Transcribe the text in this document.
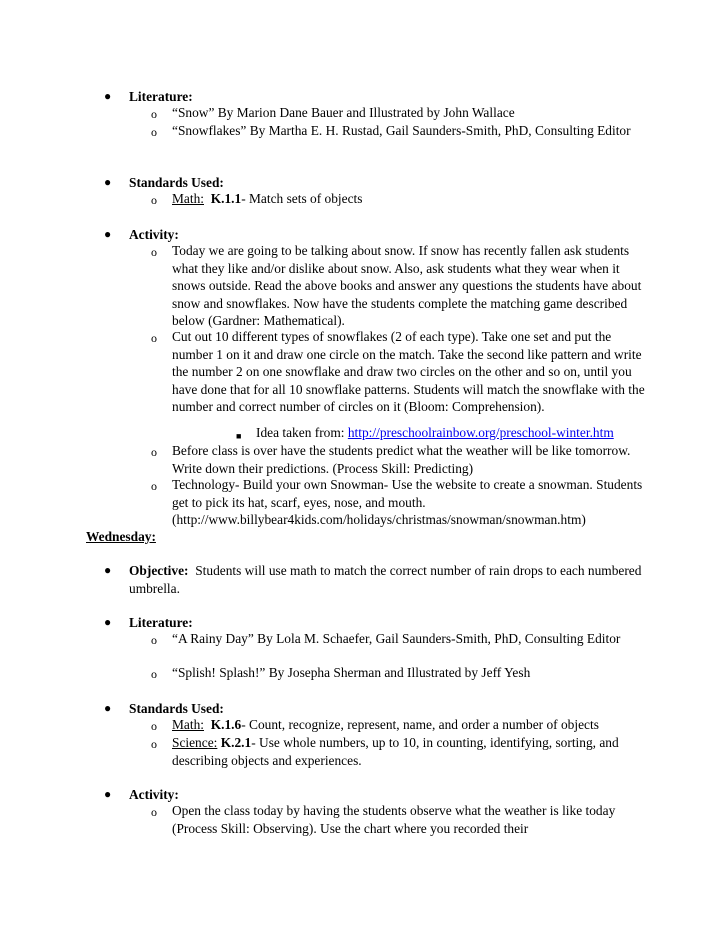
● Literature:
o “Snow” By Marion Dane Bauer and Illustrated by John Wallace
o “Snowflakes” By Martha E. H. Rustad, Gail Saunders-Smith, PhD, Consulting Editor
● Standards Used:
o Math: K.1.1- Match sets of objects
● Activity:
o Today we are going to be talking about snow. If snow has recently fallen ask students what they like and/or dislike about snow. Also, ask students what they wear when it snows outside. Read the above books and answer any questions the students have about snow and snowflakes. Now have the students complete the matching game described below (Gardner: Mathematical).
o Cut out 10 different types of snowflakes (2 of each type). Take one set and put the number 1 on it and draw one circle on the match. Take the second like pattern and write the number 2 on one snowflake and draw two circles on the other and so on, until you have done that for all 10 snowflake patterns. Students will match the snowflake with the number and correct number of circles on it (Bloom: Comprehension).
■ Idea taken from: http://preschoolrainbow.org/preschool-winter.htm
o Before class is over have the students predict what the weather will be like tomorrow. Write down their predictions. (Process Skill: Predicting)
o Technology- Build your own Snowman- Use the website to create a snowman. Students get to pick its hat, scarf, eyes, nose, and mouth. (http://www.billybear4kids.com/holidays/christmas/snowman/snowman.htm)
Wednesday:
● Objective: Students will use math to match the correct number of rain drops to each numbered umbrella.
● Literature:
o “A Rainy Day” By Lola M. Schaefer, Gail Saunders-Smith, PhD, Consulting Editor
o “Splish! Splash!” By Josepha Sherman and Illustrated by Jeff Yesh
● Standards Used:
o Math: K.1.6- Count, recognize, represent, name, and order a number of objects
o Science: K.2.1- Use whole numbers, up to 10, in counting, identifying, sorting, and describing objects and experiences.
● Activity:
o Open the class today by having the students observe what the weather is like today (Process Skill: Observing). Use the chart where you recorded their
